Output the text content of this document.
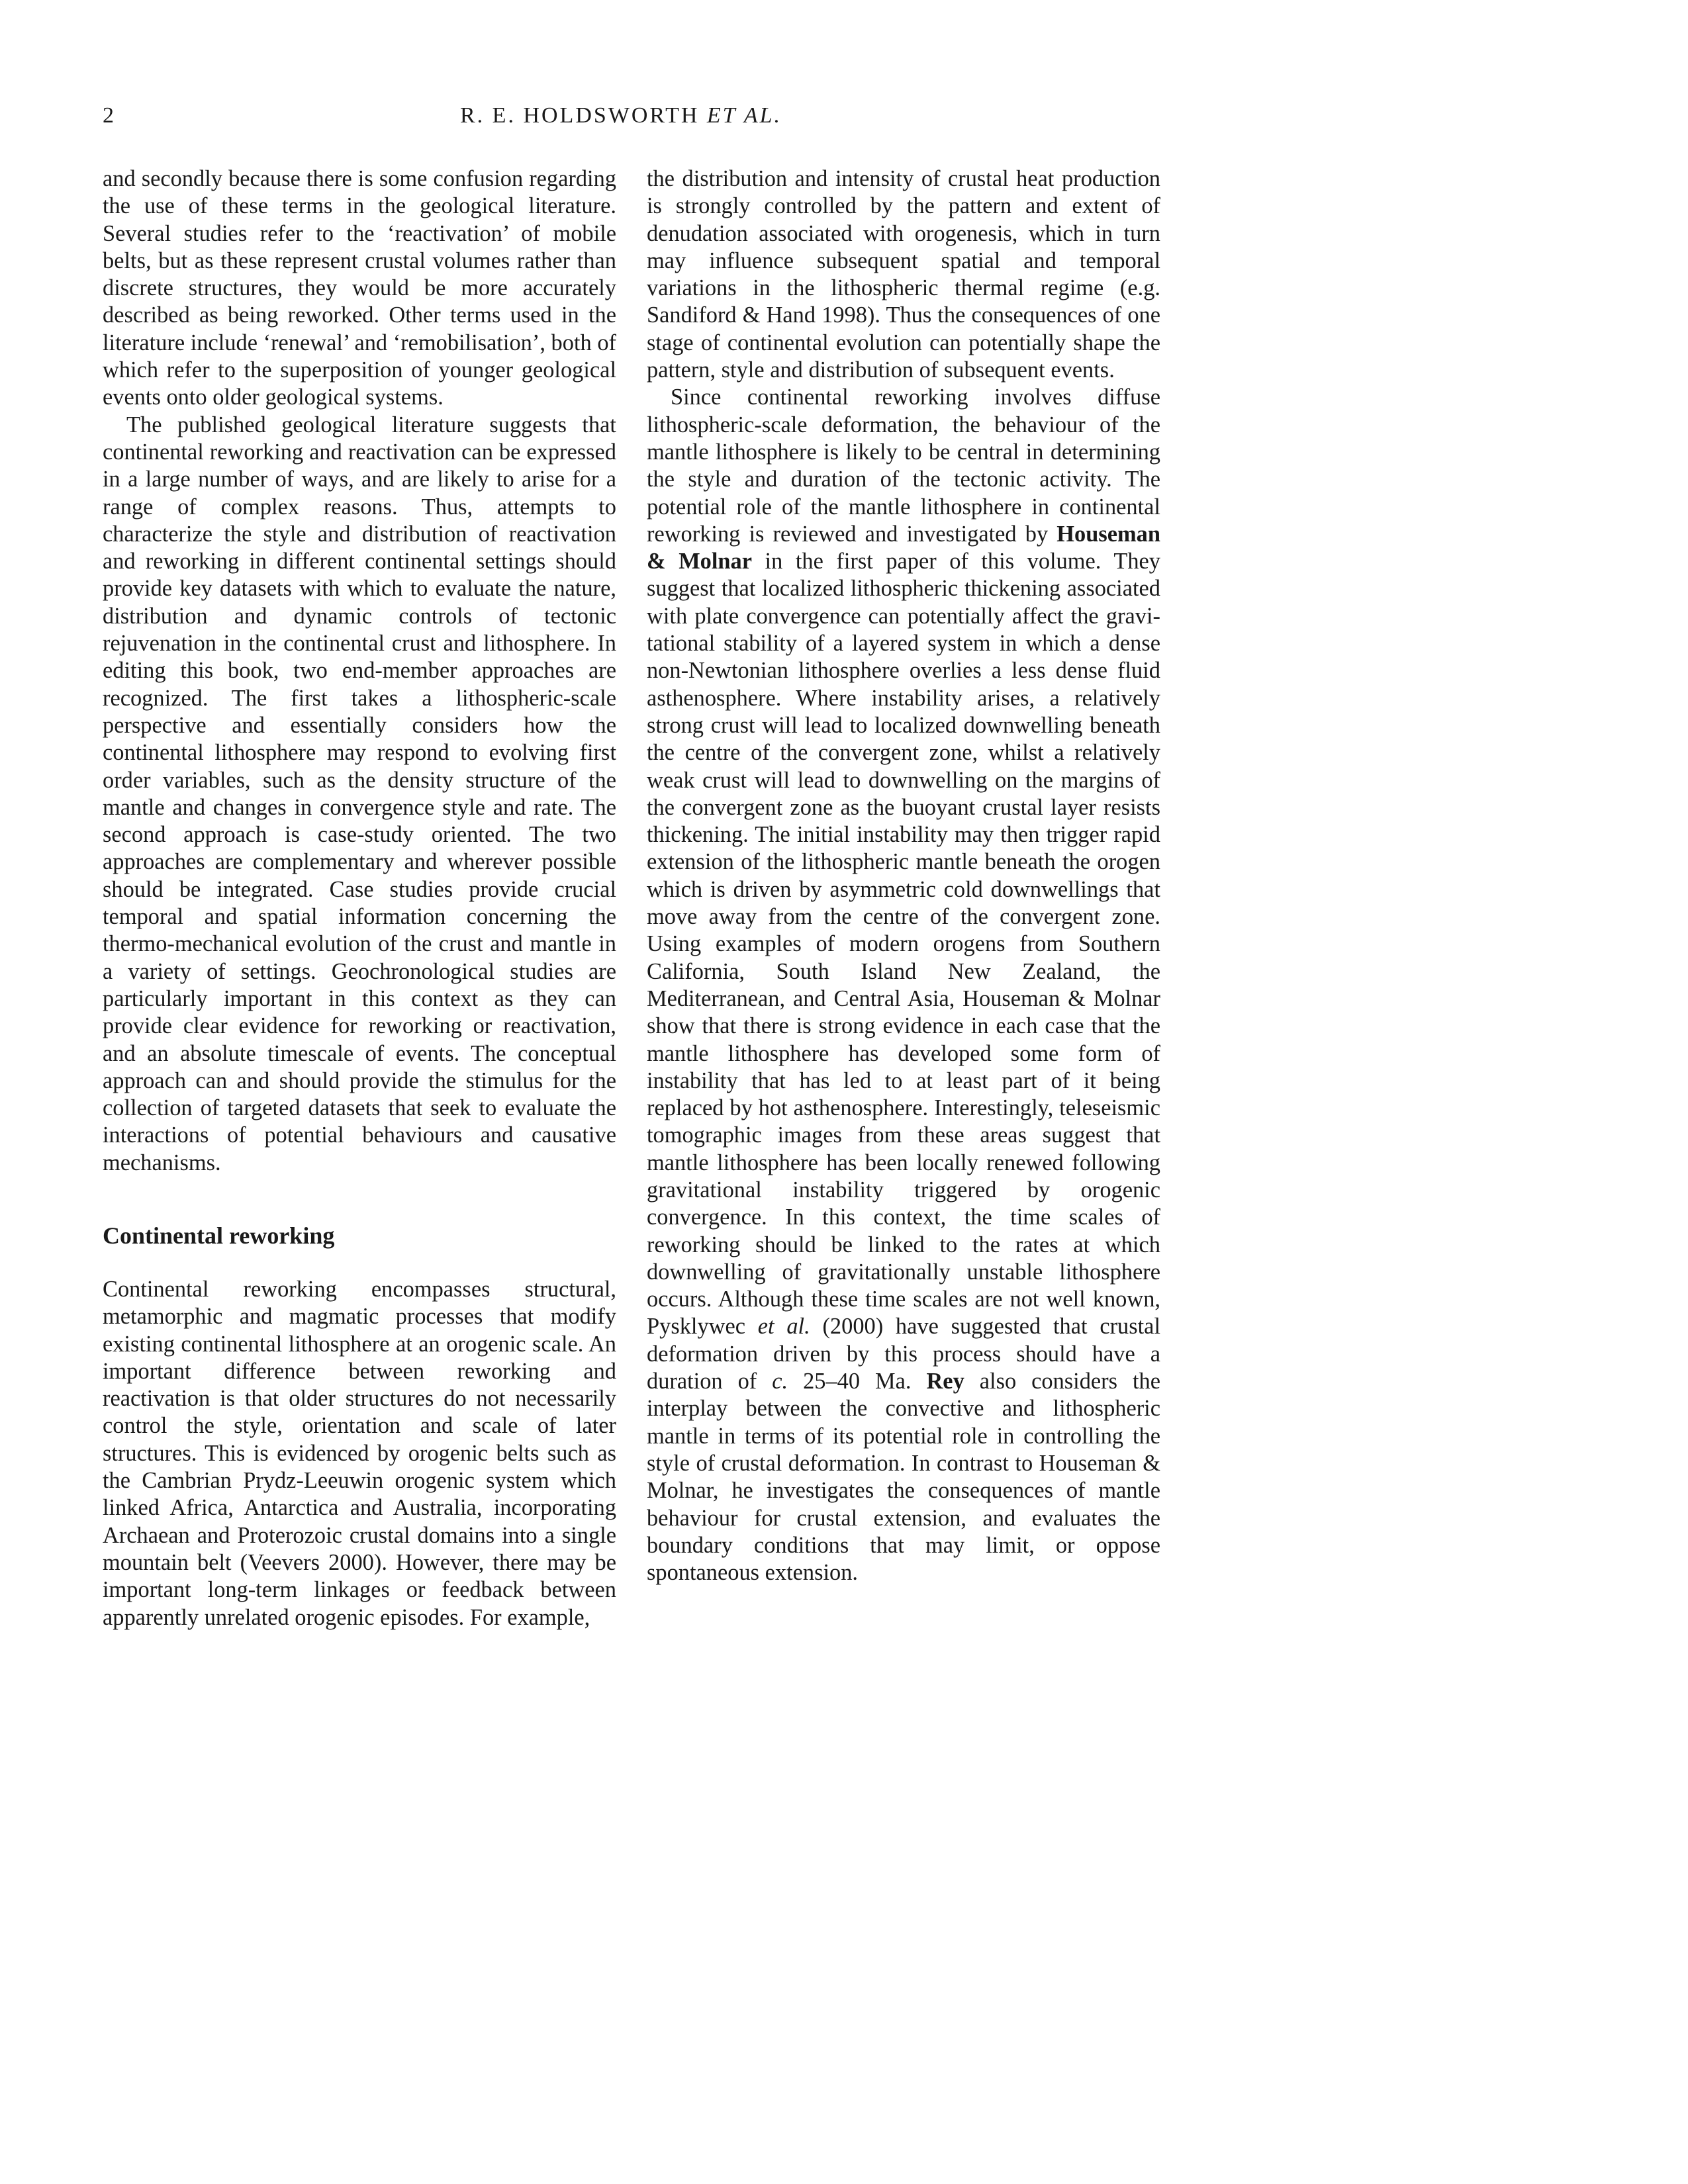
2	R. E. HOLDSWORTH ET AL.

and secondly because there is some confusion regarding the use of these terms in the geological literature. Several studies refer to the ‘reactivation’ of mobile belts, but as these represent crustal volumes rather than discrete structures, they would be more accurately described as being reworked. Other terms used in the literature include ‘renewal’ and ‘remobilisation’, both of which refer to the superposition of younger geological events onto older geological systems.

The published geological literature suggests that continental reworking and reactivation can be expressed in a large number of ways, and are likely to arise for a range of complex reasons. Thus, attempts to characterize the style and distribution of reactivation and reworking in different continental settings should provide key datasets with which to evaluate the nature, distribution and dynamic controls of tectonic rejuvenation in the continental crust and lithosphere. In editing this book, two end-member approaches are recognized. The first takes a lithospheric-scale perspective and essentially considers how the continental lithosphere may respond to evolving first order variables, such as the density structure of the mantle and changes in convergence style and rate. The second approach is case-study oriented. The two approaches are complementary and wherever possible should be integrated. Case studies provide crucial temporal and spatial information concerning the thermo-mechanical evolution of the crust and mantle in a variety of settings. Geochronological studies are particularly important in this context as they can provide clear evidence for reworking or reactivation, and an absolute timescale of events. The conceptual approach can and should provide the stimulus for the collection of targeted datasets that seek to evaluate the interactions of potential behaviours and causative mechanisms.

Continental reworking

Continental reworking encompasses structural, metamorphic and magmatic processes that modify existing continental lithosphere at an orogenic scale. An important difference between reworking and reactivation is that older structures do not necessarily control the style, orientation and scale of later structures. This is evidenced by orogenic belts such as the Cambrian Prydz-Leeuwin orogenic system which linked Africa, Antarctica and Australia, incorporating Archaean and Proterozoic crustal domains into a single mountain belt (Veevers 2000). However, there may be important long-term linkages or feedback between apparently unrelated orogenic episodes. For example,

the distribution and intensity of crustal heat production is strongly controlled by the pattern and extent of denudation associated with orogenesis, which in turn may influence subsequent spatial and temporal variations in the lithospheric thermal regime (e.g. Sandiford & Hand 1998). Thus the consequences of one stage of continental evolution can potentially shape the pattern, style and distribution of subsequent events.

Since continental reworking involves diffuse lithospheric-scale deformation, the behaviour of the mantle lithosphere is likely to be central in determining the style and duration of the tectonic activity. The potential role of the mantle lithosphere in continental reworking is reviewed and investigated by Houseman & Molnar in the first paper of this volume. They suggest that localized lithospheric thickening associated with plate convergence can potentially affect the gravitational stability of a layered system in which a dense non-Newtonian lithosphere overlies a less dense fluid asthenosphere. Where instability arises, a relatively strong crust will lead to localized downwelling beneath the centre of the convergent zone, whilst a relatively weak crust will lead to downwelling on the margins of the convergent zone as the buoyant crustal layer resists thickening. The initial instability may then trigger rapid extension of the lithospheric mantle beneath the orogen which is driven by asymmetric cold downwellings that move away from the centre of the convergent zone. Using examples of modern orogens from Southern California, South Island New Zealand, the Mediterranean, and Central Asia, Houseman & Molnar show that there is strong evidence in each case that the mantle lithosphere has developed some form of instability that has led to at least part of it being replaced by hot asthenosphere. Interestingly, teleseismic tomographic images from these areas suggest that mantle lithosphere has been locally renewed following gravitational instability triggered by orogenic convergence. In this context, the time scales of reworking should be linked to the rates at which downwelling of gravitationally unstable lithosphere occurs. Although these time scales are not well known, Pysklywec et al. (2000) have suggested that crustal deformation driven by this process should have a duration of c. 25–40 Ma. Rey also considers the interplay between the convective and lithospheric mantle in terms of its potential role in controlling the style of crustal deformation. In contrast to Houseman & Molnar, he investigates the consequences of mantle behaviour for crustal extension, and evaluates the boundary conditions that may limit, or oppose spontaneous extension.
